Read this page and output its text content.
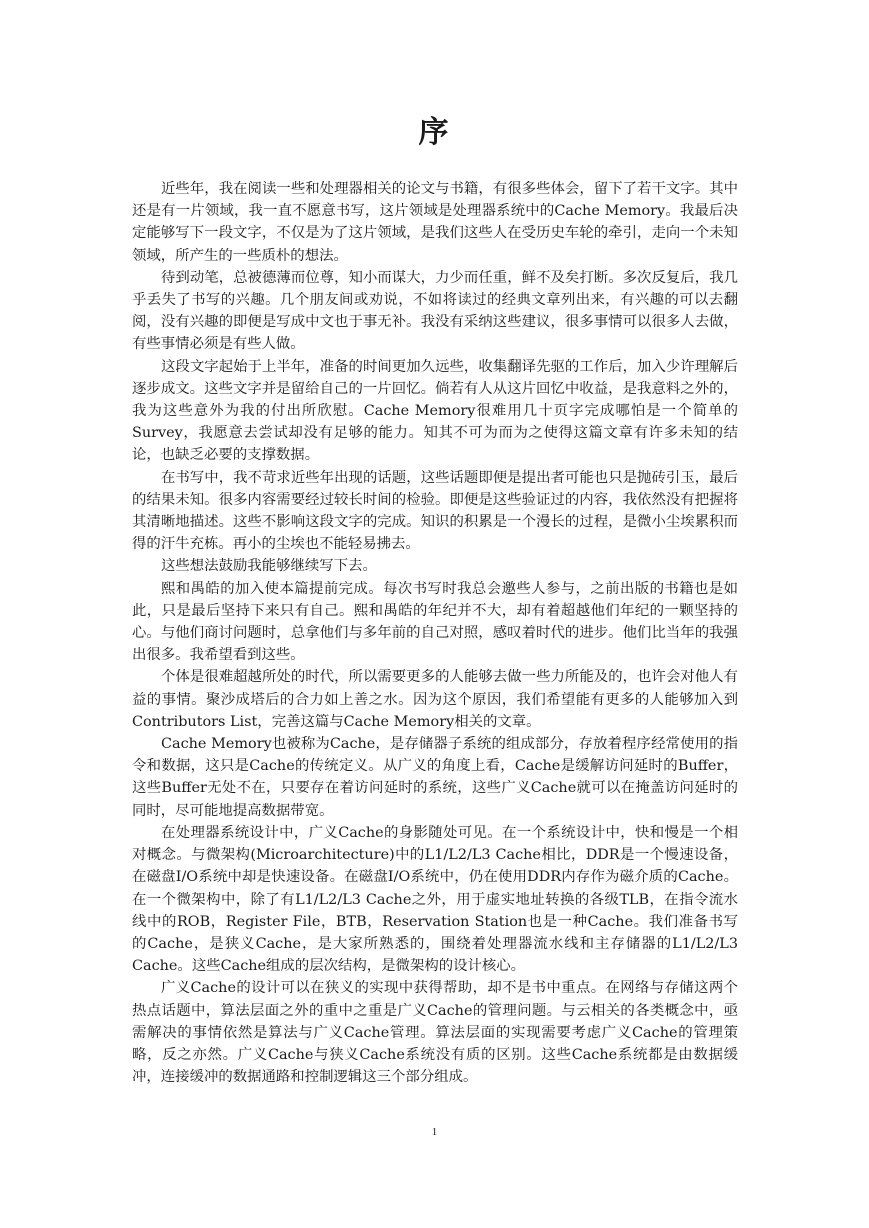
序

近些年，我在阅读一些和处理器相关的论文与书籍，有很多些体会，留下了若干文字。其中还是有一片领域，我一直不愿意书写，这片领域是处理器系统中的Cache Memory。我最后决定能够写下一段文字，不仅是为了这片领域，是我们这些人在受历史车轮的牵引，走向一个未知领域，所产生的一些质朴的想法。

待到动笔，总被德薄而位尊，知小而谋大，力少而任重，鲜不及矣打断。多次反复后，我几乎丢失了书写的兴趣。几个朋友间或劝说，不如将读过的经典文章列出来，有兴趣的可以去翻阅，没有兴趣的即便是写成中文也于事无补。我没有采纳这些建议，很多事情可以很多人去做，有些事情必须是有些人做。

这段文字起始于上半年，准备的时间更加久远些，收集翻译先驱的工作后，加入少许理解后逐步成文。这些文字并是留给自己的一片回忆。倘若有人从这片回忆中收益，是我意料之外的，我为这些意外为我的付出所欣慰。Cache Memory很难用几十页字完成哪怕是一个简单的Survey，我愿意去尝试却没有足够的能力。知其不可为而为之使得这篇文章有许多未知的结论，也缺乏必要的支撑数据。

在书写中，我不苛求近些年出现的话题，这些话题即便是提出者可能也只是抛砖引玉，最后的结果未知。很多内容需要经过较长时间的检验。即便是这些验证过的内容，我依然没有把握将其清晰地描述。这些不影响这段文字的完成。知识的积累是一个漫长的过程，是微小尘埃累积而得的汗牛充栋。再小的尘埃也不能轻易拂去。

这些想法鼓励我能够继续写下去。

熙和禺皓的加入使本篇提前完成。每次书写时我总会邀些人参与，之前出版的书籍也是如此，只是最后坚持下来只有自己。熙和禺皓的年纪并不大，却有着超越他们年纪的一颗坚持的心。与他们商讨问题时，总拿他们与多年前的自己对照，感叹着时代的进步。他们比当年的我强出很多。我希望看到这些。

个体是很难超越所处的时代，所以需要更多的人能够去做一些力所能及的，也许会对他人有益的事情。聚沙成塔后的合力如上善之水。因为这个原因，我们希望能有更多的人能够加入到Contributors List，完善这篇与Cache Memory相关的文章。

Cache Memory也被称为Cache，是存储器子系统的组成部分，存放着程序经常使用的指令和数据，这只是Cache的传统定义。从广义的角度上看，Cache是缓解访问延时的Buffer，这些Buffer无处不在，只要存在着访问延时的系统，这些广义Cache就可以在掩盖访问延时的同时，尽可能地提高数据带宽。

在处理器系统设计中，广义Cache的身影随处可见。在一个系统设计中，快和慢是一个相对概念。与微架构(Microarchitecture)中的L1/L2/L3 Cache相比，DDR是一个慢速设备，在磁盘I/O系统中却是快速设备。在磁盘I/O系统中，仍在使用DDR内存作为磁介质的Cache。在一个微架构中，除了有L1/L2/L3 Cache之外，用于虚实地址转换的各级TLB，在指令流水线中的ROB，Register File，BTB，Reservation Station也是一种Cache。我们准备书写的Cache，是狭义Cache，是大家所熟悉的，围绕着处理器流水线和主存储器的L1/L2/L3 Cache。这些Cache组成的层次结构，是微架构的设计核心。

广义Cache的设计可以在狭义的实现中获得帮助，却不是书中重点。在网络与存储这两个热点话题中，算法层面之外的重中之重是广义Cache的管理问题。与云相关的各类概念中，亟需解决的事情依然是算法与广义Cache管理。算法层面的实现需要考虑广义Cache的管理策略，反之亦然。广义Cache与狭义Cache系统没有质的区别。这些Cache系统都是由数据缓冲，连接缓冲的数据通路和控制逻辑这三个部分组成。

1
